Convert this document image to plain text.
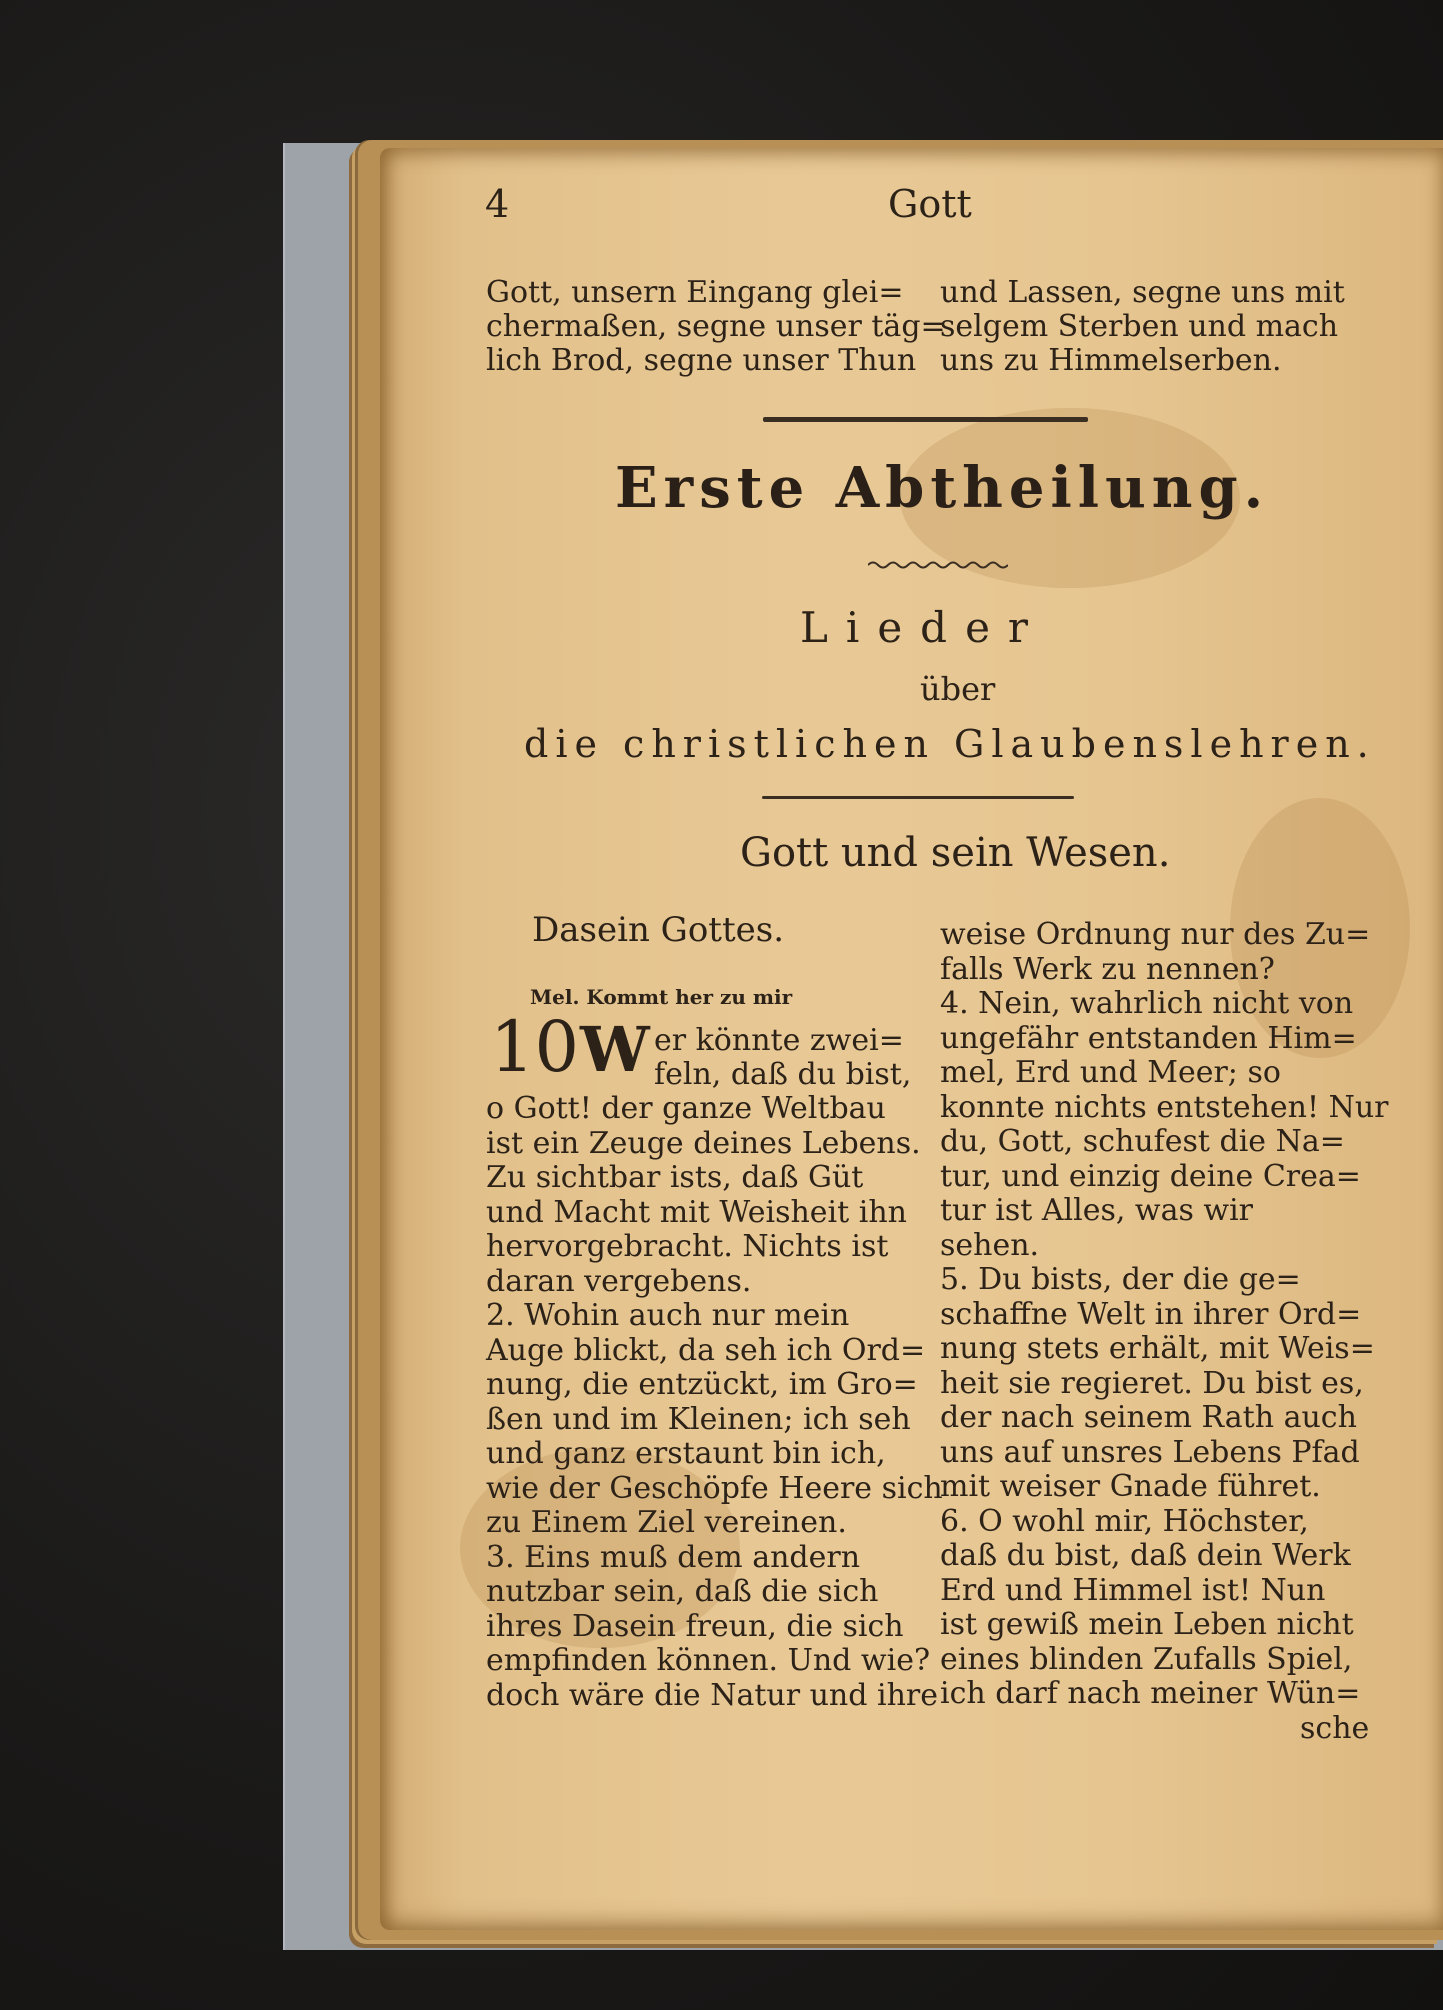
4	Gott
Gott, unsern Eingang glei=
chermaßen, segne unser täg=
lich Brod, segne unser Thun
und Lassen, segne uns mit
selgem Sterben und mach
uns zu Himmelserben.
Erste Abtheilung.
Lieder
über
die christlichen Glaubenslehren.
Gott und sein Wesen.
Dasein Gottes.
Mel. Kommt her zu mir
10 W er könnte zwei=
feln, daß du bist,
o Gott! der ganze Weltbau
ist ein Zeuge deines Lebens.
Zu sichtbar ists, daß Güt
und Macht mit Weisheit ihn
hervorgebracht. Nichts ist
daran vergebens.
2. Wohin auch nur mein
Auge blickt, da seh ich Ord=
nung, die entzückt, im Gro=
ßen und im Kleinen; ich seh
und ganz erstaunt bin ich,
wie der Geschöpfe Heere sich
zu Einem Ziel vereinen.
3. Eins muß dem andern
nutzbar sein, daß die sich
ihres Dasein freun, die sich
empfinden können. Und wie?
doch wäre die Natur und ihre
weise Ordnung nur des Zu=
falls Werk zu nennen?
4. Nein, wahrlich nicht von
ungefähr entstanden Him=
mel, Erd und Meer; so
konnte nichts entstehen! Nur
du, Gott, schufest die Na=
tur, und einzig deine Crea=
tur ist Alles, was wir
sehen.
5. Du bists, der die ge=
schaffne Welt in ihrer Ord=
nung stets erhält, mit Weis=
heit sie regieret. Du bist es,
der nach seinem Rath auch
uns auf unsres Lebens Pfad
mit weiser Gnade führet.
6. O wohl mir, Höchster,
daß du bist, daß dein Werk
Erd und Himmel ist! Nun
ist gewiß mein Leben nicht
eines blinden Zufalls Spiel,
ich darf nach meiner Wün=
sche
